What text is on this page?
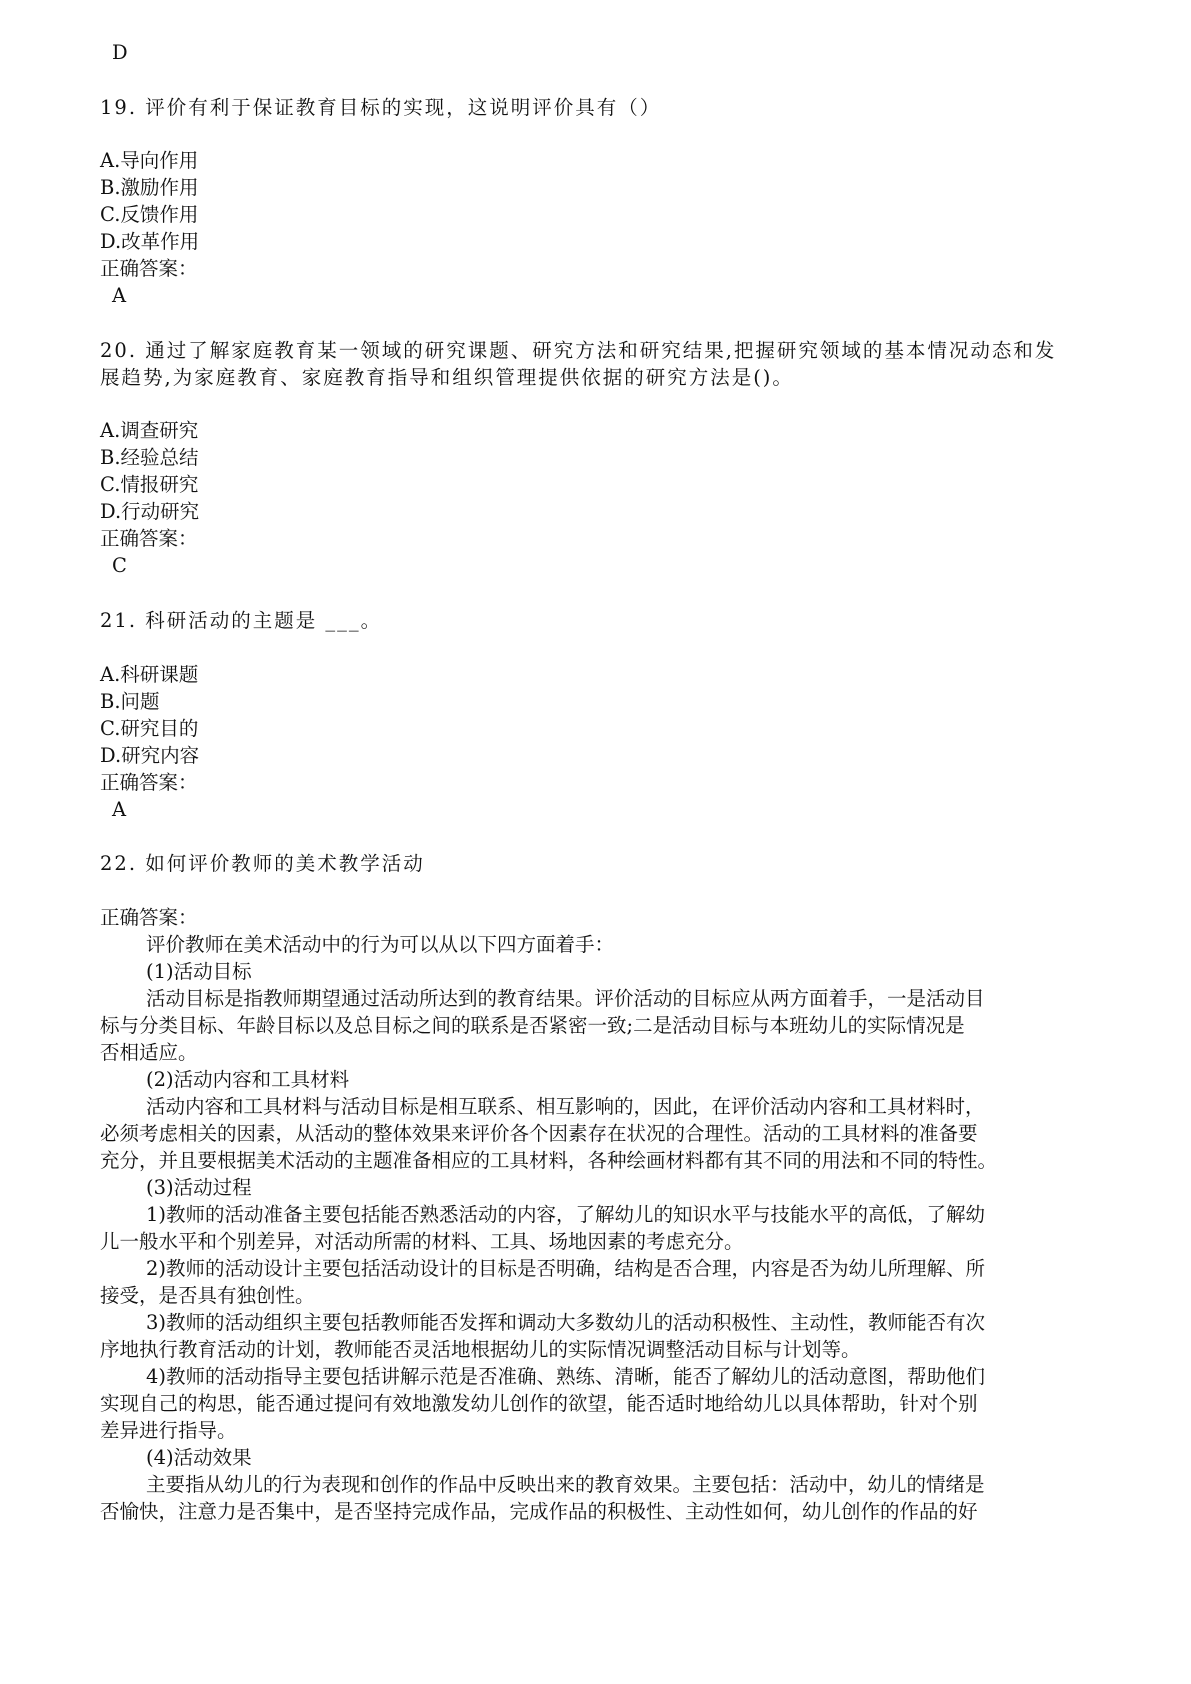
D
19. 评价有利于保证教育目标的实现，这说明评价具有（）
A.导向作用
B.激励作用
C.反馈作用
D.改革作用
正确答案：
A
20. 通过了解家庭教育某一领域的研究课题、研究方法和研究结果,把握研究领域的基本情况动态和发
展趋势,为家庭教育、家庭教育指导和组织管理提供依据的研究方法是()。
A.调查研究
B.经验总结
C.情报研究
D.行动研究
正确答案：
C
21. 科研活动的主题是 ___。
A.科研课题
B.问题
C.研究目的
D.研究内容
正确答案：
A
22. 如何评价教师的美术教学活动
正确答案：
评价教师在美术活动中的行为可以从以下四方面着手：
(1)活动目标
活动目标是指教师期望通过活动所达到的教育结果。评价活动的目标应从两方面着手，一是活动目
标与分类目标、年龄目标以及总目标之间的联系是否紧密一致;二是活动目标与本班幼儿的实际情况是
否相适应。
(2)活动内容和工具材料
活动内容和工具材料与活动目标是相互联系、相互影响的，因此，在评价活动内容和工具材料时，
必须考虑相关的因素，从活动的整体效果来评价各个因素存在状况的合理性。活动的工具材料的准备要
充分，并且要根据美术活动的主题准备相应的工具材料，各种绘画材料都有其不同的用法和不同的特性。
(3)活动过程
1)教师的活动准备主要包括能否熟悉活动的内容，了解幼儿的知识水平与技能水平的高低，了解幼
儿一般水平和个别差异，对活动所需的材料、工具、场地因素的考虑充分。
2)教师的活动设计主要包括活动设计的目标是否明确，结构是否合理，内容是否为幼儿所理解、所
接受，是否具有独创性。
3)教师的活动组织主要包括教师能否发挥和调动大多数幼儿的活动积极性、主动性，教师能否有次
序地执行教育活动的计划，教师能否灵活地根据幼儿的实际情况调整活动目标与计划等。
4)教师的活动指导主要包括讲解示范是否准确、熟练、清晰，能否了解幼儿的活动意图，帮助他们
实现自己的构思，能否通过提问有效地激发幼儿创作的欲望，能否适时地给幼儿以具体帮助，针对个别
差异进行指导。
(4)活动效果
主要指从幼儿的行为表现和创作的作品中反映出来的教育效果。主要包括：活动中，幼儿的情绪是
否愉快，注意力是否集中，是否坚持完成作品，完成作品的积极性、主动性如何，幼儿创作的作品的好
